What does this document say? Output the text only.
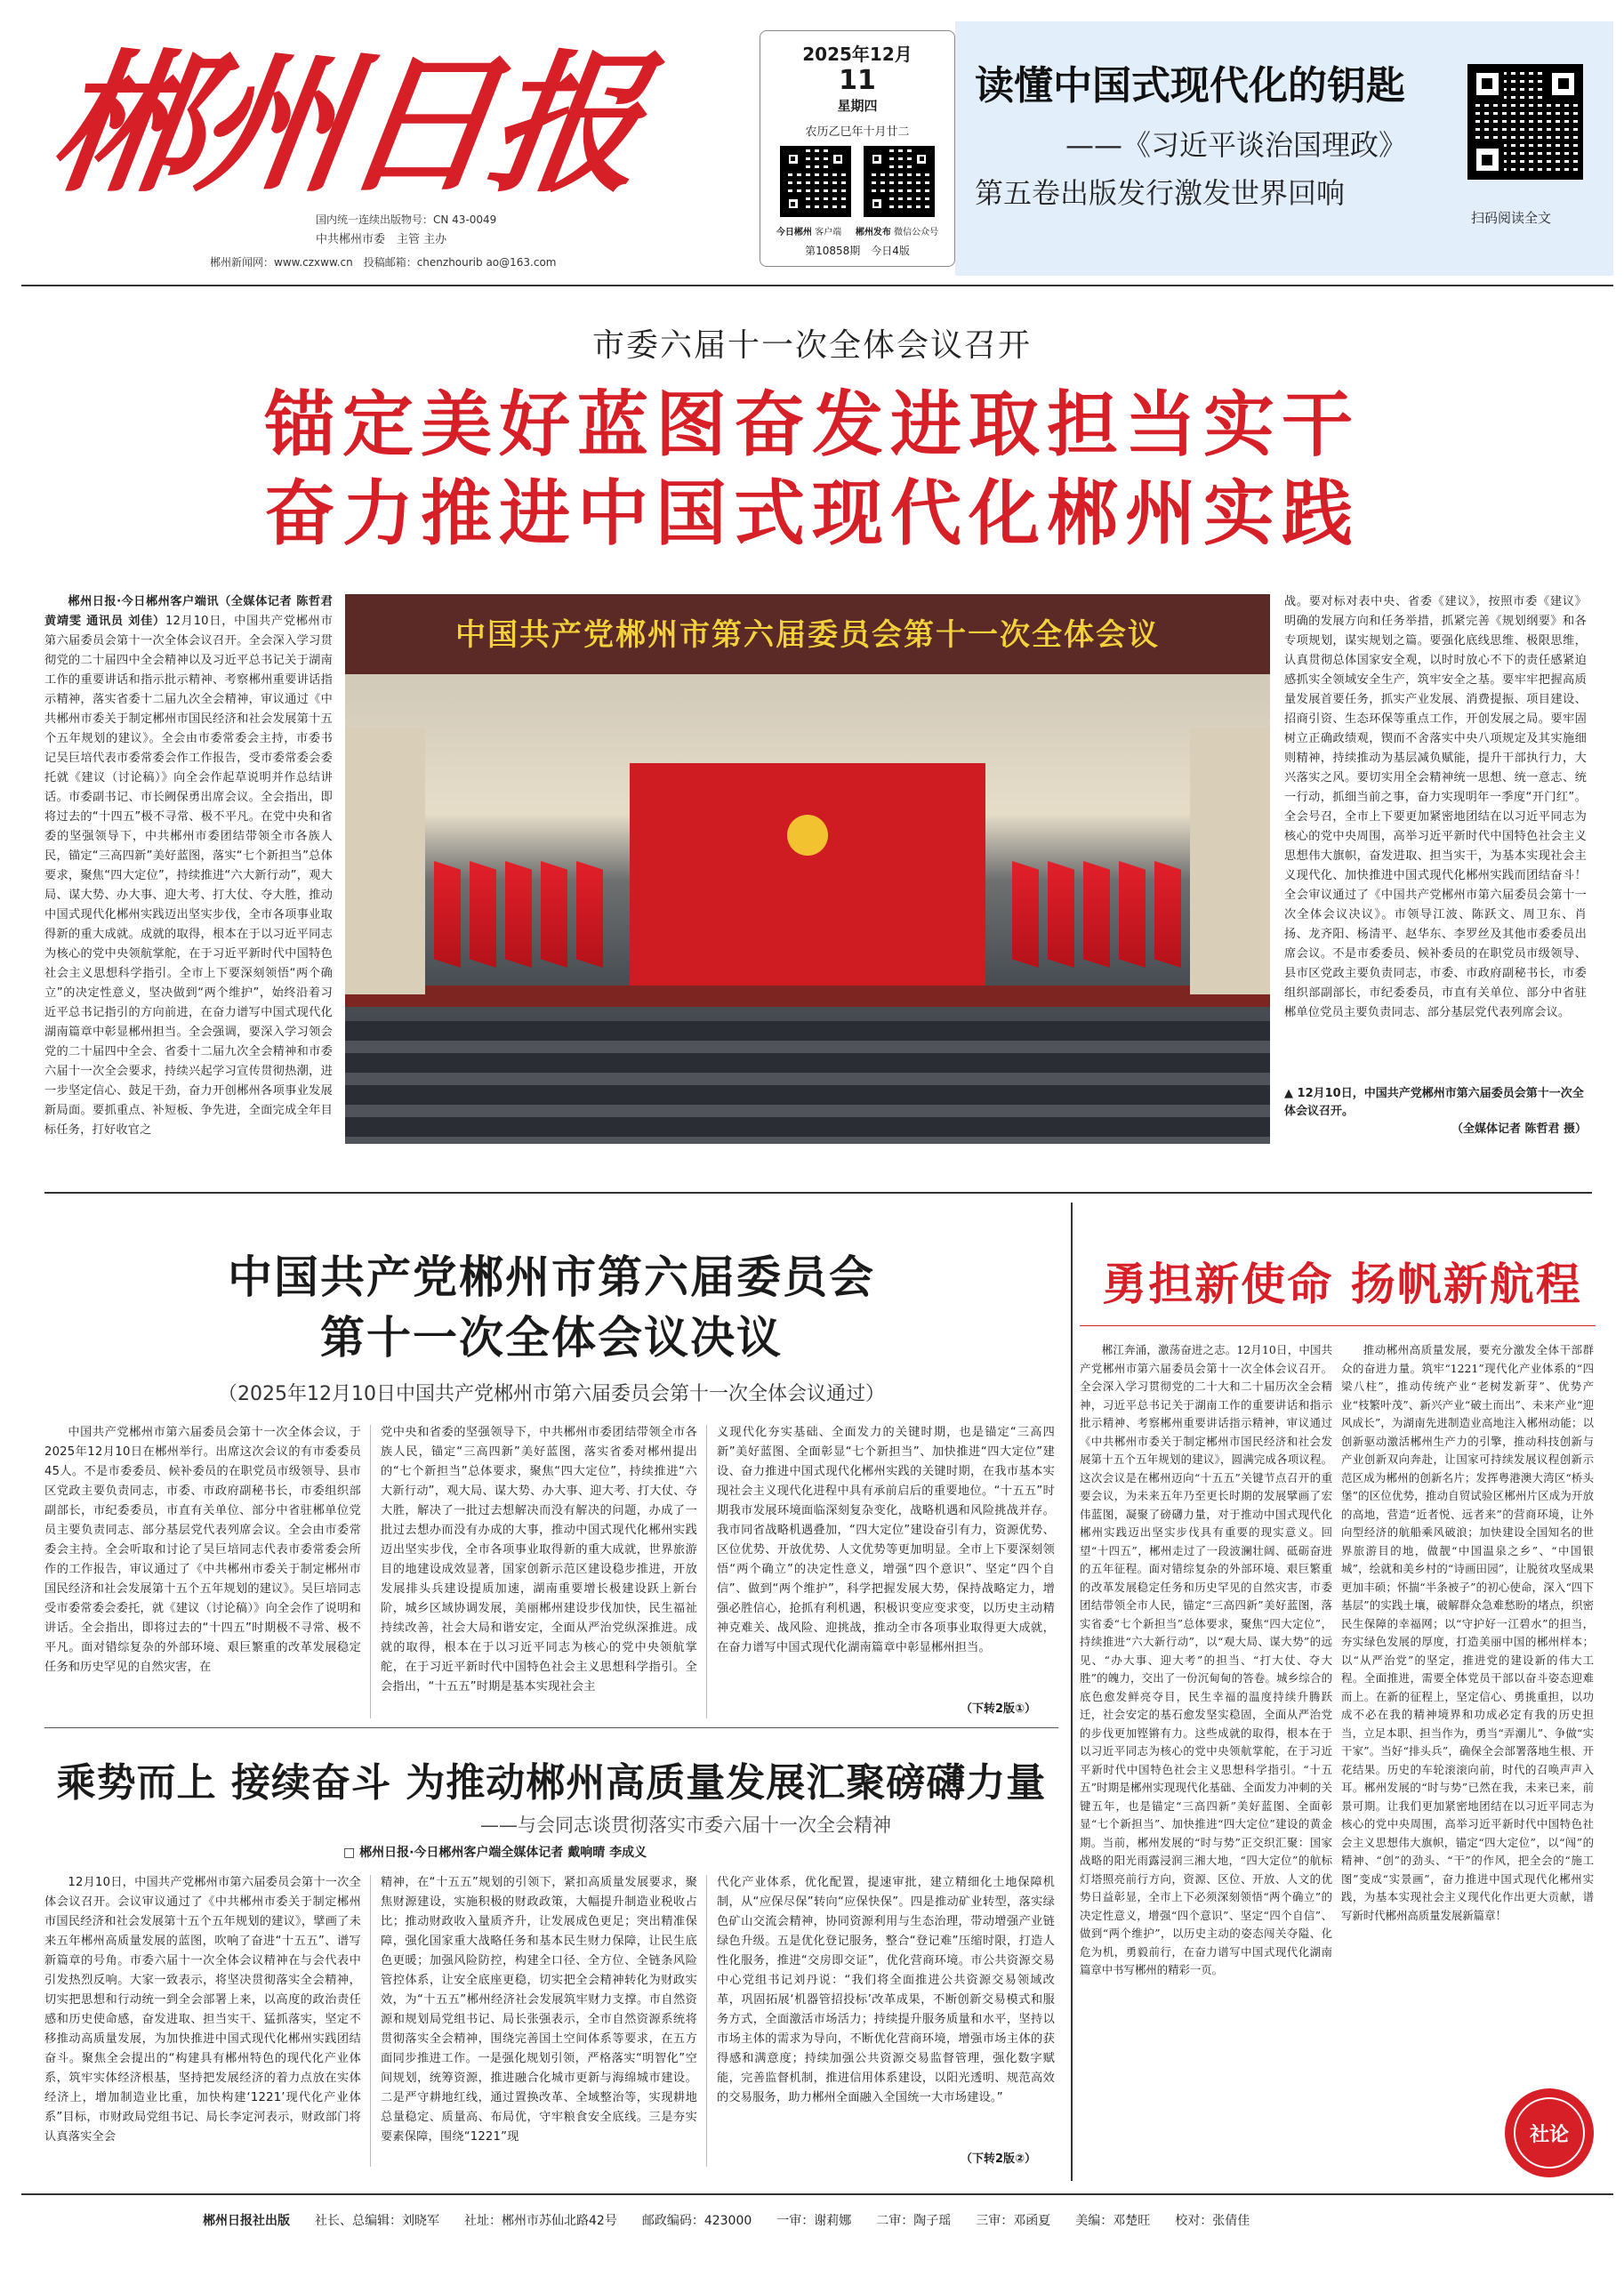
郴州日报
国内统一连续出版物号：CN 43-0049
中共郴州市委　主管 主办
郴州新闻网：www.czxww.cn　投稿邮箱：chenzhourib ao@163.com
2025年12月
11
星期四
农历乙巳年十月廿二
今日郴州 客户端 郴州发布 微信公众号
第10858期　今日4版
读懂中国式现代化的钥匙
——《习近平谈治国理政》
第五卷出版发行激发世界回响
扫码阅读全文
市委六届十一次全体会议召开
锚定美好蓝图奋发进取担当实干
奋力推进中国式现代化郴州实践

郴州日报·今日郴州客户端讯（全媒体记者 陈哲君 黄靖雯 通讯员 刘佳）12月10日，中国共产党郴州市第六届委员会第十一次全体会议召开。全会深入学习贯彻党的二十届四中全会精神以及习近平总书记关于湖南工作的重要讲话和指示批示精神、考察郴州重要讲话指示精神，落实省委十二届九次全会精神，审议通过《中共郴州市委关于制定郴州市国民经济和社会发展第十五个五年规划的建议》。全会由市委常委会主持，市委书记吴巨培代表市委常委会作工作报告，受市委常委会委托就《建议（讨论稿）》向全会作起草说明并作总结讲话。市委副书记、市长阙保勇出席会议。全会指出，即将过去的“十四五”极不寻常、极不平凡。在党中央和省委的坚强领导下，中共郴州市委团结带领全市各族人民，锚定“三高四新”美好蓝图，落实“七个新担当”总体要求，聚焦“四大定位”，持续推进“六大新行动”，观大局、谋大势、办大事、迎大考、打大仗、夺大胜，推动中国式现代化郴州实践迈出坚实步伐，全市各项事业取得新的重大成就。成就的取得，根本在于以习近平同志为核心的党中央领航掌舵，在于习近平新时代中国特色社会主义思想科学指引。全市上下要深刻领悟“两个确立”的决定性意义，坚决做到“两个维护”，始终沿着习近平总书记指引的方向前进，在奋力谱写中国式现代化湖南篇章中彰显郴州担当。全会强调，要深入学习领会党的二十届四中全会、省委十二届九次全会精神和市委六届十一次全会要求，持续兴起学习宣传贯彻热潮，进一步坚定信心、鼓足干劲，奋力开创郴州各项事业发展新局面。要抓重点、补短板、争先进，全面完成全年目标任务，打好收官之

中国共产党郴州市第六届委员会第十一次全体会议

战。要对标对表中央、省委《建议》，按照市委《建议》明确的发展方向和任务举措，抓紧完善《规划纲要》和各专项规划，谋实规划之篇。要强化底线思维、极限思维，认真贯彻总体国家安全观，以时时放心不下的责任感紧迫感抓实全领域安全生产，筑牢安全之基。要牢牢把握高质量发展首要任务，抓实产业发展、消费提振、项目建设、招商引资、生态环保等重点工作，开创发展之局。要牢固树立正确政绩观，锲而不舍落实中央八项规定及其实施细则精神，持续推动为基层减负赋能，提升干部执行力，大兴落实之风。要切实用全会精神统一思想、统一意志、统一行动，抓细当前之事，奋力实现明年一季度“开门红”。全会号召，全市上下要更加紧密地团结在以习近平同志为核心的党中央周围，高举习近平新时代中国特色社会主义思想伟大旗帜，奋发进取、担当实干，为基本实现社会主义现代化、加快推进中国式现代化郴州实践而团结奋斗！全会审议通过了《中国共产党郴州市第六届委员会第十一次全体会议决议》。市领导江波、陈跃文、周卫东、肖扬、龙齐阳、杨清平、赵华东、李罗丝及其他市委委员出席会议。不是市委委员、候补委员的在职党员市级领导、县市区党政主要负责同志，市委、市政府副秘书长，市委组织部副部长，市纪委委员，市直有关单位、部分中省驻郴单位党员主要负责同志、部分基层党代表列席会议。

▲ 12月10日，中国共产党郴州市第六届委员会第十一次全体会议召开。
（全媒体记者 陈哲君 摄）
中国共产党郴州市第六届委员会
第十一次全体会议决议
（2025年12月10日中国共产党郴州市第六届委员会第十一次全体会议通过）

中国共产党郴州市第六届委员会第十一次全体会议，于2025年12月10日在郴州举行。出席这次会议的有市委委员45人。不是市委委员、候补委员的在职党员市级领导、县市区党政主要负责同志，市委、市政府副秘书长，市委组织部副部长，市纪委委员，市直有关单位、部分中省驻郴单位党员主要负责同志、部分基层党代表列席会议。全会由市委常委会主持。全会听取和讨论了吴巨培同志代表市委常委会所作的工作报告，审议通过了《中共郴州市委关于制定郴州市国民经济和社会发展第十五个五年规划的建议》。吴巨培同志受市委常委会委托，就《建议（讨论稿）》向全会作了说明和讲话。全会指出，即将过去的“十四五”时期极不寻常、极不平凡。面对错综复杂的外部环境、艰巨繁重的改革发展稳定任务和历史罕见的自然灾害，在

党中央和省委的坚强领导下，中共郴州市委团结带领全市各族人民，锚定“三高四新”美好蓝图，落实省委对郴州提出的“七个新担当”总体要求，聚焦“四大定位”，持续推进“六大新行动”，观大局、谋大势、办大事、迎大考、打大仗、夺大胜，解决了一批过去想解决而没有解决的问题，办成了一批过去想办而没有办成的大事，推动中国式现代化郴州实践迈出坚实步伐，全市各项事业取得新的重大成就，世界旅游目的地建设成效显著，国家创新示范区建设稳步推进，开放发展排头兵建设提质加速，湖南重要增长极建设跃上新台阶，城乡区域协调发展，美丽郴州建设步伐加快，民生福祉持续改善，社会大局和谐安定，全面从严治党纵深推进。成就的取得，根本在于以习近平同志为核心的党中央领航掌舵，在于习近平新时代中国特色社会主义思想科学指引。全会指出，“十五五”时期是基本实现社会主

义现代化夯实基础、全面发力的关键时期，也是锚定“三高四新”美好蓝图、全面彰显“七个新担当”、加快推进“四大定位”建设、奋力推进中国式现代化郴州实践的关键时期，在我市基本实现社会主义现代化进程中具有承前启后的重要地位。“十五五”时期我市发展环境面临深刻复杂变化，战略机遇和风险挑战并存。我市同省战略机遇叠加，“四大定位”建设奋引有力，资源优势、区位优势、开放优势、人文优势等更加明显。全市上下要深刻领悟“两个确立”的决定性意义，增强“四个意识”、坚定“四个自信”、做到“两个维护”，科学把握发展大势，保持战略定力，增强必胜信心，抢抓有利机遇，积极识变应变求变，以历史主动精神克难关、战风险、迎挑战，推动全市各项事业取得更大成就，在奋力谱写中国式现代化湖南篇章中彰显郴州担当。

（下转2版①）
乘势而上 接续奋斗 为推动郴州高质量发展汇聚磅礴力量
——与会同志谈贯彻落实市委六届十一次全会精神
□ 郴州日报·今日郴州客户端全媒体记者 戴响晴 李成义

12月10日，中国共产党郴州市第六届委员会第十一次全体会议召开。会议审议通过了《中共郴州市委关于制定郴州市国民经济和社会发展第十五个五年规划的建议》，擘画了未来五年郴州高质量发展的蓝图，吹响了奋进“十五五”、谱写新篇章的号角。市委六届十一次全体会议精神在与会代表中引发热烈反响。大家一致表示，将坚决贯彻落实全会精神，切实把思想和行动统一到全会部署上来，以高度的政治责任感和历史使命感，奋发进取、担当实干、猛抓落实，坚定不移推动高质量发展，为加快推进中国式现代化郴州实践团结奋斗。聚焦全会提出的“构建具有郴州特色的现代化产业体系，筑牢实体经济根基，坚持把发展经济的着力点放在实体经济上，增加制造业比重，加快构建‘1221’现代化产业体系”目标，市财政局党组书记、局长李定河表示，财政部门将认真落实全会

精神，在“十五五”规划的引领下，紧扣高质量发展要求，聚焦财源建设，实施积极的财政政策，大幅提升制造业税收占比；推动财政收入量质齐升，让发展成色更足；突出精准保障，强化国家重大战略任务和基本民生财力保障，让民生底色更暖；加强风险防控，构建全口径、全方位、全链条风险管控体系，让安全底座更稳，切实把全会精神转化为财政实效，为“十五五”郴州经济社会发展筑牢财力支撑。市自然资源和规划局党组书记、局长张强表示，全市自然资源系统将贯彻落实全会精神，围绕完善国土空间体系等要求，在五方面同步推进工作。一是强化规划引领，严格落实“明智化”空间规划，统筹资源，推进融合化城市更新与海绵城市建设。二是严守耕地红线，通过置换改革、全域整治等，实现耕地总量稳定、质量高、布局优，守牢粮食安全底线。三是夯实要素保障，围绕“1221”现

代化产业体系，优化配置，提速审批，建立精细化土地保障机制，从“应保尽保”转向“应保快保”。四是推动矿业转型，落实绿色矿山交流会精神，协同资源利用与生态治理，带动增强产业链绿色升级。五是优化登记服务，整合“登记难”压缩时限，打造人性化服务，推进“交房即交证”，优化营商环境。市公共资源交易中心党组书记刘丹说：“我们将全面推进公共资源交易领域改革，巩固拓展‘机器管招投标’改革成果，不断创新交易模式和服务方式，全面激活市场活力；持续提升服务质量和水平，坚持以市场主体的需求为导向，不断优化营商环境，增强市场主体的获得感和满意度；持续加强公共资源交易监督管理，强化数字赋能，完善监督机制，推进信用体系建设，以阳光透明、规范高效的交易服务，助力郴州全面融入全国统一大市场建设。”

（下转2版②）
勇担新使命 扬帆新航程

郴江奔涌，激荡奋进之志。12月10日，中国共产党郴州市第六届委员会第十一次全体会议召开。全会深入学习贯彻党的二十大和二十届历次全会精神，习近平总书记关于湖南工作的重要讲话和指示批示精神、考察郴州重要讲话指示精神，审议通过《中共郴州市委关于制定郴州市国民经济和社会发展第十五个五年规划的建议》，圆满完成各项议程。这次会议是在郴州迈向“十五五”关键节点召开的重要会议，为未来五年乃至更长时期的发展擘画了宏伟蓝图，凝聚了磅礴力量，对于推动中国式现代化郴州实践迈出坚实步伐具有重要的现实意义。回望“十四五”，郴州走过了一段波澜壮阔、砥砺奋进的五年征程。面对错综复杂的外部环境、艰巨繁重的改革发展稳定任务和历史罕见的自然灾害，市委团结带领全市人民，锚定“三高四新”美好蓝图，落实省委“七个新担当”总体要求，聚焦“四大定位”，持续推进“六大新行动”，以“观大局、谋大势”的远见、“办大事、迎大考”的担当、“打大仗、夺大胜”的魄力，交出了一份沉甸甸的答卷。城乡综合的底色愈发鲜亮夺目，民生幸福的温度持续升腾跃迁，社会安定的基石愈发坚实稳固，全面从严治党的步伐更加铿锵有力。这些成就的取得，根本在于以习近平同志为核心的党中央领航掌舵，在于习近平新时代中国特色社会主义思想科学指引。“十五五”时期是郴州实现现代化基础、全面发力冲刺的关键五年，也是锚定“三高四新”美好蓝图、全面彰显“七个新担当”、加快推进“四大定位”建设的黄金期。当前，郴州发展的“时与势”正交织汇聚：国家战略的阳光雨露浸润三湘大地，“四大定位”的航标灯塔照亮前行方向，资源、区位、开放、人文的优势日益彰显，全市上下必须深刻领悟“两个确立”的决定性意义，增强“四个意识”、坚定“四个自信”、做到“两个维护”，以历史主动的姿态闯关夺隘、化危为机，勇毅前行，在奋力谱写中国式现代化湖南篇章中书写郴州的精彩一页。

推动郴州高质量发展，要充分激发全体干部群众的奋进力量。筑牢“1221”现代化产业体系的“四梁八柱”，推动传统产业“老树发新芽”、优势产业“枝繁叶茂”、新兴产业“破土而出”、未来产业“迎风成长”，为湖南先进制造业高地注入郴州动能；以创新驱动激活郴州生产力的引擎，推动科技创新与产业创新双向奔赴，让国家可持续发展议程创新示范区成为郴州的创新名片；发挥粤港澳大湾区“桥头堡”的区位优势，推动自贸试验区郴州片区成为开放的高地，营造“近者悦、远者来”的营商环境，让外向型经济的航船乘风破浪；加快建设全国知名的世界旅游目的地，做靓“中国温泉之乡”、“中国银城”，绘就和美乡村的“诗画田园”，让脱贫攻坚成果更加丰硕；怀揣“半条被子”的初心使命，深入“四下基层”的实践土壤，破解群众急难愁盼的堵点，织密民生保障的幸福网；以“守护好一江碧水”的担当，夯实绿色发展的厚度，打造美丽中国的郴州样本；以“从严治党”的坚定，推进党的建设新的伟大工程。全面推进，需要全体党员干部以奋斗姿态迎难而上。在新的征程上，坚定信心、勇挑重担，以功成不必在我的精神境界和功成必定有我的历史担当，立足本职、担当作为，勇当“弄潮儿”、争做“实干家”。当好“排头兵”，确保全会部署落地生根、开花结果。历史的车轮滚滚向前，时代的召唤声声入耳。郴州发展的“时与势”已然在我，未来已来，前景可期。让我们更加紧密地团结在以习近平同志为核心的党中央周围，高举习近平新时代中国特色社会主义思想伟大旗帜，锚定“四大定位”，以“闯”的精神、“创”的劲头、“干”的作风，把全会的“施工图”变成“实景画”，奋力推进中国式现代化郴州实践，为基本实现社会主义现代化作出更大贡献，谱写新时代郴州高质量发展新篇章！

社论
郴州日报社出版 社长、总编辑：刘晓军 社址：郴州市苏仙北路42号 邮政编码：423000 一审：谢莉娜 二审：陶子瑶 三审：邓函夏 美编：邓楚旺 校对：张倩佳
